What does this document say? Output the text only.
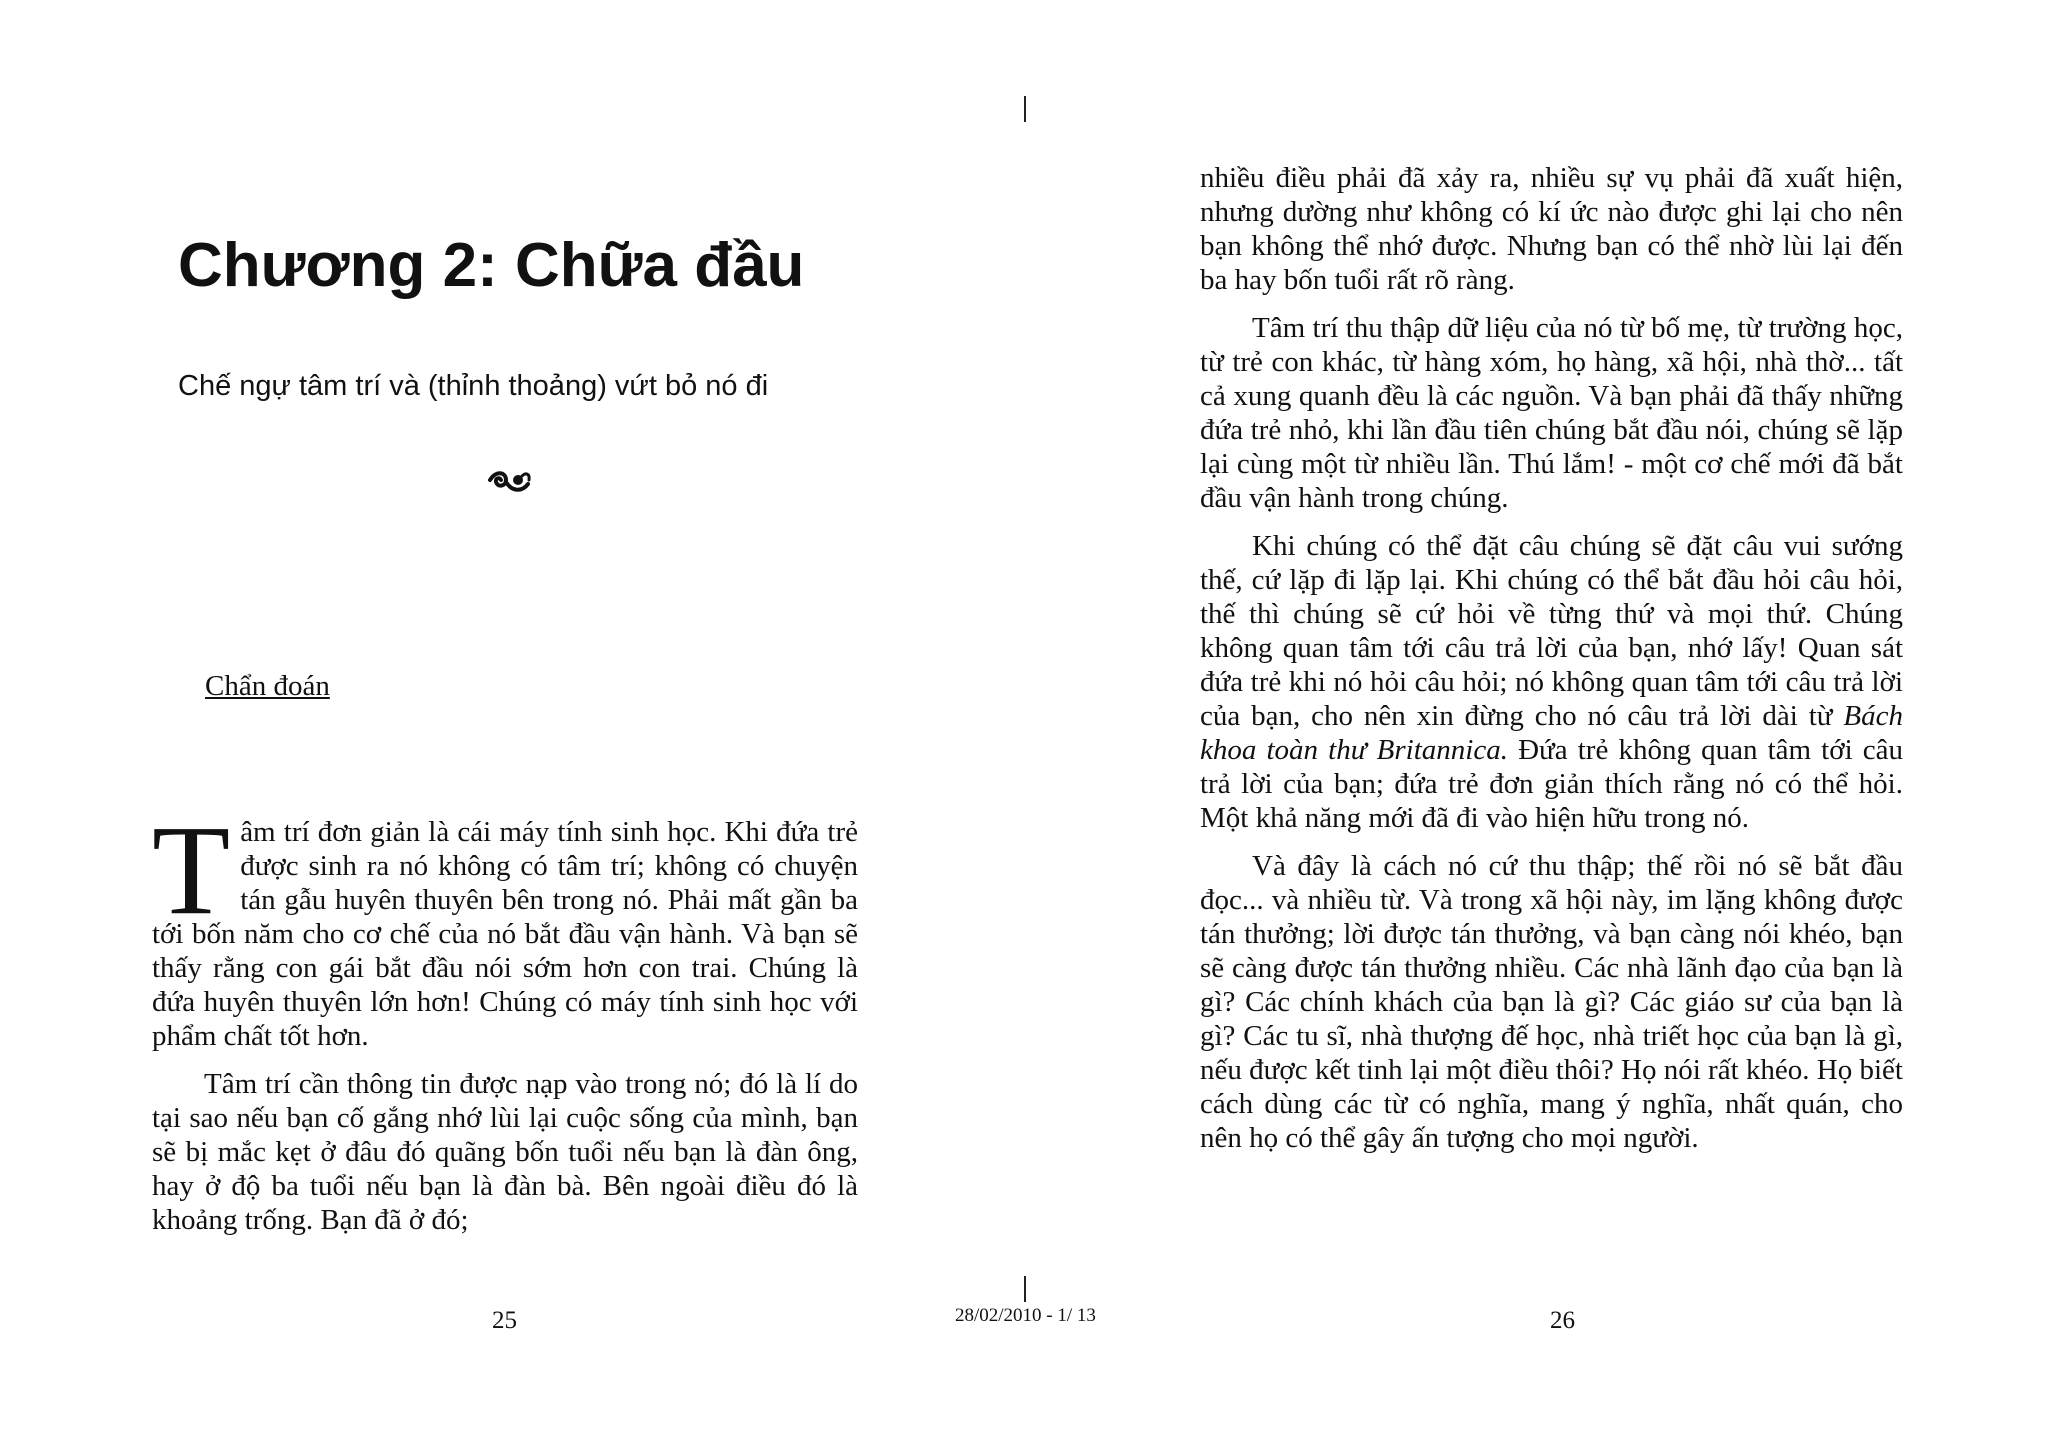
Chương 2: Chữa đầu

Chế ngự tâm trí và (thỉnh thoảng) vứt bỏ nó đi

Chẩn đoán

Tâm trí đơn giản là cái máy tính sinh học. Khi đứa trẻ được sinh ra nó không có tâm trí; không có chuyện tán gẫu huyên thuyên bên trong nó. Phải mất gần ba tới bốn năm cho cơ chế của nó bắt đầu vận hành. Và bạn sẽ thấy rằng con gái bắt đầu nói sớm hơn con trai. Chúng là đứa huyên thuyên lớn hơn! Chúng có máy tính sinh học với phẩm chất tốt hơn.

Tâm trí cần thông tin được nạp vào trong nó; đó là lí do tại sao nếu bạn cố gắng nhớ lùi lại cuộc sống của mình, bạn sẽ bị mắc kẹt ở đâu đó quãng bốn tuổi nếu bạn là đàn ông, hay ở độ ba tuổi nếu bạn là đàn bà. Bên ngoài điều đó là khoảng trống. Bạn đã ở đó;

25	28/02/2010 - 1/ 13

nhiều điều phải đã xảy ra, nhiều sự vụ phải đã xuất hiện, nhưng dường như không có kí ức nào được ghi lại cho nên bạn không thể nhớ được. Nhưng bạn có thể nhờ lùi lại đến ba hay bốn tuổi rất rõ ràng.

Tâm trí thu thập dữ liệu của nó từ bố mẹ, từ trường học, từ trẻ con khác, từ hàng xóm, họ hàng, xã hội, nhà thờ... tất cả xung quanh đều là các nguồn. Và bạn phải đã thấy những đứa trẻ nhỏ, khi lần đầu tiên chúng bắt đầu nói, chúng sẽ lặp lại cùng một từ nhiều lần. Thú lắm! - một cơ chế mới đã bắt đầu vận hành trong chúng.

Khi chúng có thể đặt câu chúng sẽ đặt câu vui sướng thế, cứ lặp đi lặp lại. Khi chúng có thể bắt đầu hỏi câu hỏi, thế thì chúng sẽ cứ hỏi về từng thứ và mọi thứ. Chúng không quan tâm tới câu trả lời của bạn, nhớ lấy! Quan sát đứa trẻ khi nó hỏi câu hỏi; nó không quan tâm tới câu trả lời của bạn, cho nên xin đừng cho nó câu trả lời dài từ Bách khoa toàn thư Britannica. Đứa trẻ không quan tâm tới câu trả lời của bạn; đứa trẻ đơn giản thích rằng nó có thể hỏi. Một khả năng mới đã đi vào hiện hữu trong nó.

Và đây là cách nó cứ thu thập; thế rồi nó sẽ bắt đầu đọc... và nhiều từ. Và trong xã hội này, im lặng không được tán thưởng; lời được tán thưởng, và bạn càng nói khéo, bạn sẽ càng được tán thưởng nhiều. Các nhà lãnh đạo của bạn là gì? Các chính khách của bạn là gì? Các giáo sư của bạn là gì? Các tu sĩ, nhà thượng đế học, nhà triết học của bạn là gì, nếu được kết tinh lại một điều thôi? Họ nói rất khéo. Họ biết cách dùng các từ có nghĩa, mang ý nghĩa, nhất quán, cho nên họ có thể gây ấn tượng cho mọi người.

26
